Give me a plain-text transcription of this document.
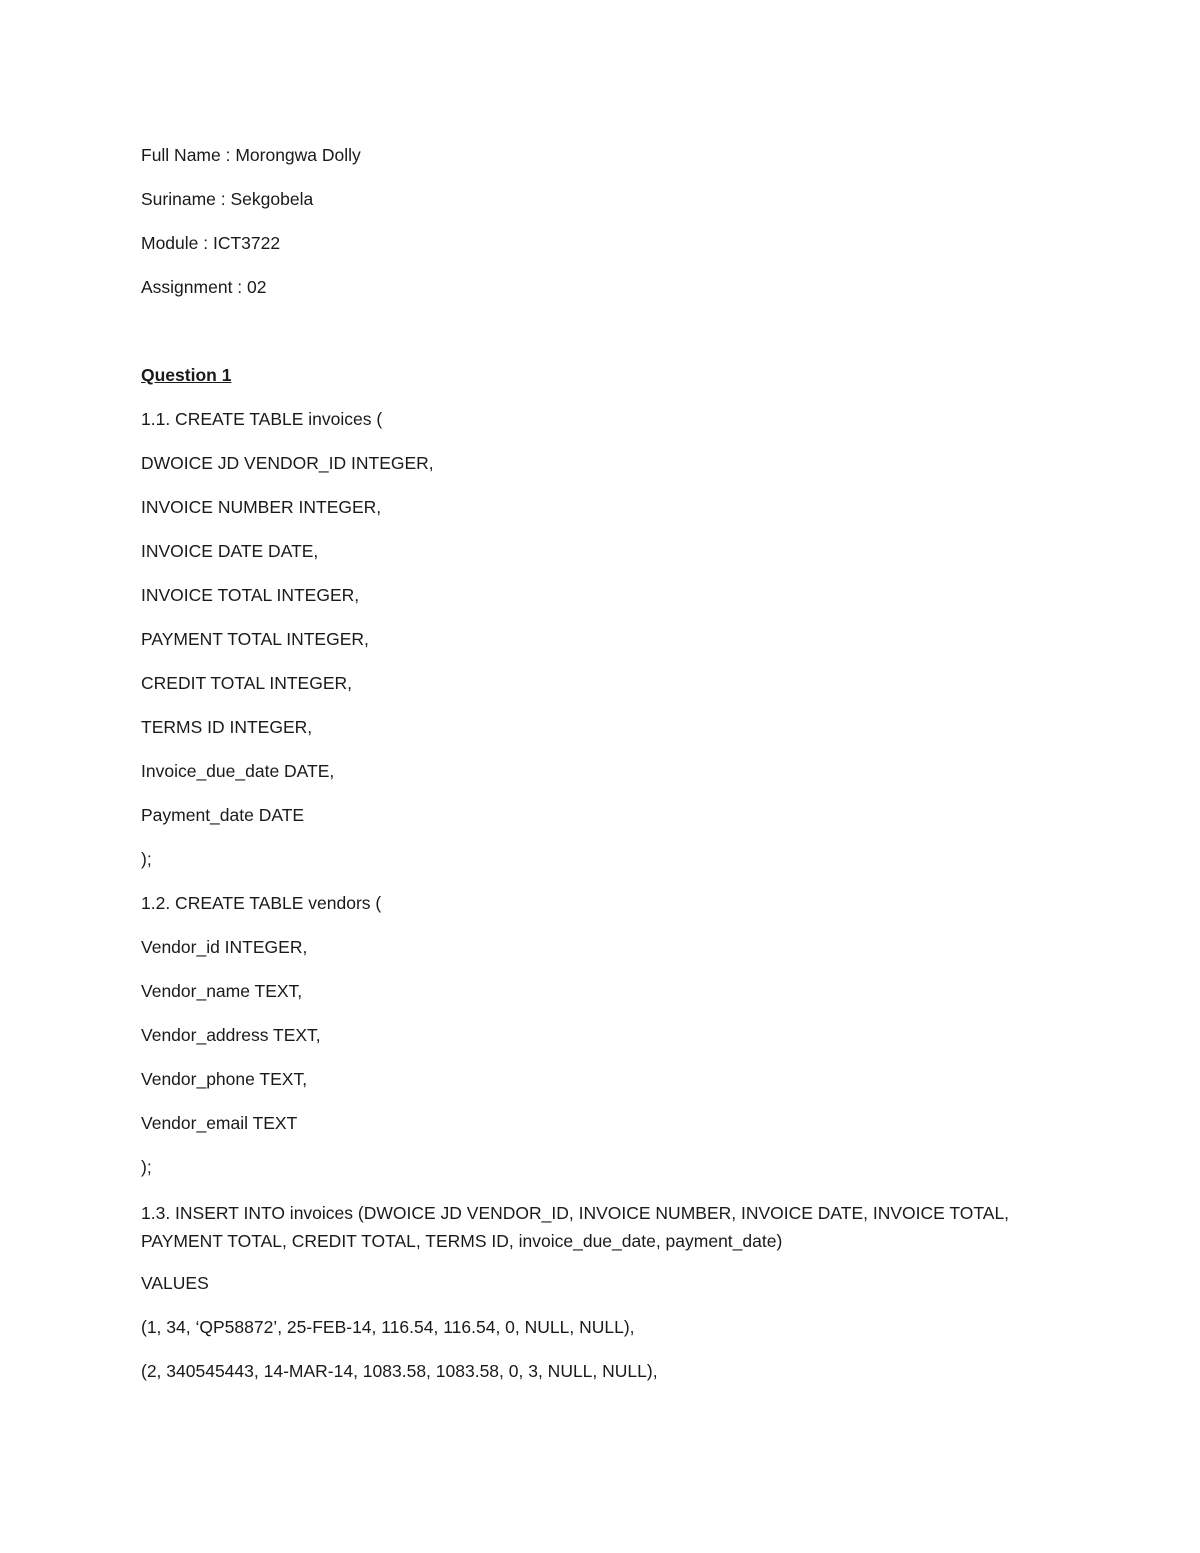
Full Name : Morongwa Dolly
Suriname : Sekgobela
Module : ICT3722
Assignment : 02
Question 1
1.1. CREATE TABLE invoices (
DWOICE JD VENDOR_ID INTEGER,
INVOICE NUMBER INTEGER,
INVOICE DATE DATE,
INVOICE TOTAL INTEGER,
PAYMENT TOTAL INTEGER,
CREDIT TOTAL INTEGER,
TERMS ID INTEGER,
Invoice_due_date DATE,
Payment_date DATE
);
1.2. CREATE TABLE vendors (
Vendor_id INTEGER,
Vendor_name TEXT,
Vendor_address TEXT,
Vendor_phone TEXT,
Vendor_email TEXT
);
1.3. INSERT INTO invoices (DWOICE JD VENDOR_ID, INVOICE NUMBER, INVOICE DATE, INVOICE TOTAL, PAYMENT TOTAL, CREDIT TOTAL, TERMS ID, invoice_due_date, payment_date)
VALUES
(1, 34, ‘QP58872’, 25-FEB-14, 116.54, 116.54, 0, NULL, NULL),
(2, 340545443, 14-MAR-14, 1083.58, 1083.58, 0, 3, NULL, NULL),
